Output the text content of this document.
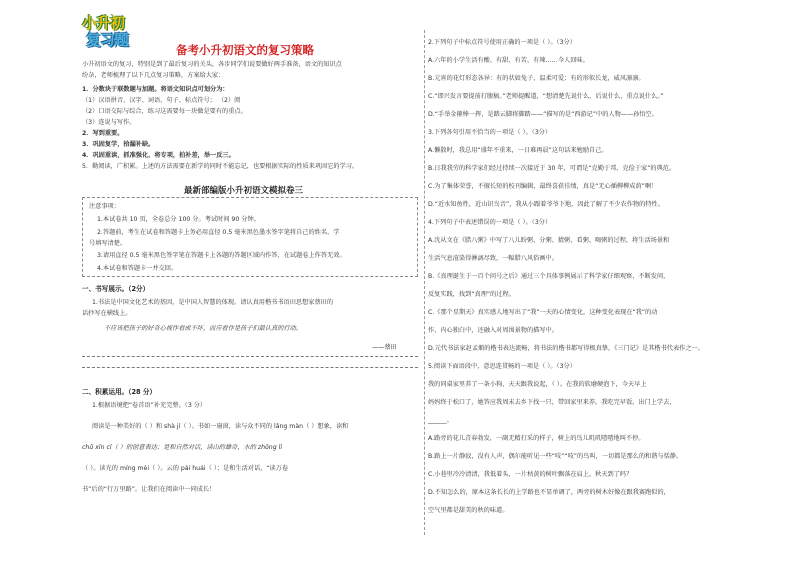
小升初
复习题
备考小升初语文的复习策略
小升初语文的复习，特别是到了最后复习的关头，各步同学们说要做好两手准备，语文的知识点
纷杂，老师梳理了以下几点复习策略，方案给大家：
1．分数块于联数题与加题。将语文知识点可划分为：
（1）汉语拼音、汉字、词语、句子、标点符号； （2）阅
（2）口语交际与综合，练习这需要每一块做是要有的重点。
（3）连说与写作。
2．写到重要。
3．巩固复学，拾漏补缺。
4．巩固重读，抓准强化，将专项，拍补差，举一反三。
5．勤阅读，广积累。上述的方法需要在新学的同时不能忘记，也要根据实际的性质来巩固它的学习。
最新部编版小升初语文模拟卷三
注意事项：
1.本试卷共 10 页，全卷总分 100 分。考试时间 90 分钟。
2.答题前，考生在试卷和答题卡上务必用直径 0.5 毫米黑色墨水签字笔将自己的姓名、学
号填写清楚。
3.请用直径 0.5 毫米黑色签字笔在答题卡上各题的答题区域内作答，在试题卷上作答无效。
4.本试卷和答题卡一并交回。
一、书写展示。（2分）
1.书法是中国文化艺术的基因，是中国人智慧的体现。请认真用楷书书语田思想家蔡田的
话抄写在横线上。
不应该把孩子的好奇心视作看成不坏，而应看作是孩子们最认真的行动。
——蔡田
二、积累运用。（28 分）
1.根据语境把“卷首语”补充完整。（3 分）
阅读是一种美好的（ ）和 shà jí（ ）。书如一扇窗，读与众不同的 lǎng màn（ ）想象，读和
chǔ xīn cǐ（ ）的创意表达；是和自然对话，读山的雄奇，水的 zhōng lì
（ ）。读光的 míng mèi（ ）。云的 pái huái（ ）；是和生活对话，“读万卷
书”后的“行万里路”。让我们在阅读中一同成长！
2.下列句子中标点符号使用正确的一项是（ ）。（3分）
A.六年的小学生活有酸、有甜、有苦、有辣……今人回味。
B.元宵的花灯形态各异：有的状如兔子，温柔可爱；有的形似长龙，威风凛凛。
C.“即兴发言要提前打腹稿。”老师提醒道，“想清楚先说什么，后说什么，重点说什么。”
D.“手举金箍棒一挥，是踏云脚将脚踏——”描写的是“西游记”中的人物——孙悟空。
3.下列各句引用不恰当的一项是（ ）。（3分）
A.懒散时，我总用“盛年不重来，一日难再晨”这句话来勉励自己。
B.日我我劳的科学家们经过持续一次接近于 30 年，可谓是“克勤于邦，克俭于家”的典范。
C.为了集体荣誉，不擅长短的校刊编辑，最终喜获佳绩，真是“无心插柳柳成荫”啊！
D.“近水知鱼性，近山识鸟音”，我从小跟着爷爷下地，因此了解了不少农作物的特性。
4.下列句子中表述错误的一项是（ ）。（3分）
A.沈从文在《腊八粥》中写了八儿盼粥、分粥、猜粥、看粥、喝粥的过程，将生活场景和
生活气息渲染得淋漓尽致，一幅腊八风俗画中。
B.《真理诞生于一百个问号之后》通过三个具体事例展示了科学家仔细观察，不断发问，
反复实践，找到“真理”的过程。
C.《那个星期天》真实感人地写出了“我”一天的心情变化，这种变化表现在“我”的动
作、内心独白中，还融入对周围景物的描写中。
D.元代书法家赵孟頫的楷书表达流畅，将书法的楷书都写得极真挚，《三门记》是其楷书代表作之一。
5.阅读下面语段中，意思连贯畅的一项是（ ）。（3分）
我的同桌家里养了一条小狗，天天跟我说起，（ ）。在我的软磨硬泡下，今天早上
妈妈终于松口了，她答应我周末去乡下找一只，带回家里来养。我吃完早饭，出门上学去，
______。
A.路旁的花儿青春勃发，一副无精打采的样子，树上的鸟儿叽叽喳喳地叫不停。
B.路上一片静寂，没有人声，偶尔能听见一些“吱”“吱”的鸟叫，一切都是那么的和谐与恬静。
C.小巷里冷冷清清，我低着头，一片枯黄的树叶飘落在肩上，秋天到了吗？
D.不知怎么的，原本这条长长的上学路也不显单调了，两旁的树木好像在跟我赛跑似的，
空气里都是甜美的秋的味道。
